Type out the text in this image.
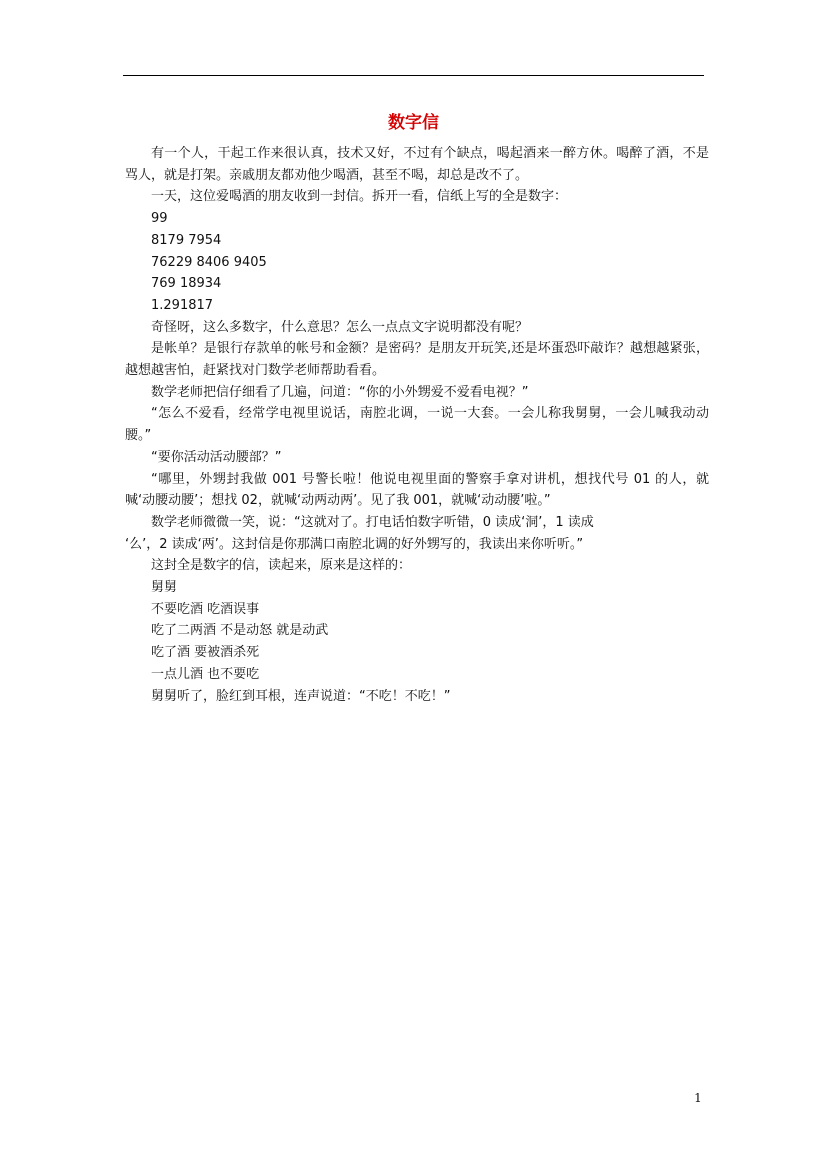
数字信

有一个人，干起工作来很认真，技术又好，不过有个缺点，喝起酒来一醉方休。喝醉了酒，不是骂人，就是打架。亲戚朋友都劝他少喝酒，甚至不喝，却总是改不了。

一天，这位爱喝酒的朋友收到一封信。拆开一看，信纸上写的全是数字：

99

8179 7954

76229 8406 9405

769 18934

1.291817

奇怪呀，这么多数字，什么意思？怎么一点点文字说明都没有呢？

是帐单？是银行存款单的帐号和金额？是密码？是朋友开玩笑,还是坏蛋恐吓敲诈？越想越紧张，越想越害怕，赶紧找对门数学老师帮助看看。

数学老师把信仔细看了几遍，问道：“你的小外甥爱不爱看电视？”

“怎么不爱看，经常学电视里说话，南腔北调，一说一大套。一会儿称我舅舅，一会儿喊我动动腰。”

“要你活动活动腰部？”

“哪里，外甥封我做 001 号警长啦！他说电视里面的警察手拿对讲机，想找代号 01 的人，就喊‘动腰动腰’；想找 02，就喊‘动两动两’。见了我 001，就喊‘动动腰’啦。”

数学老师微微一笑，说：“这就对了。打电话怕数字听错，0 读成‘洞’，1 读成

‘么’，2 读成‘两’。这封信是你那满口南腔北调的好外甥写的，我读出来你听听。”

这封全是数字的信，读起来，原来是这样的：

舅舅

不要吃酒 吃酒误事

吃了二两酒 不是动怒 就是动武

吃了酒 要被酒杀死

一点儿酒 也不要吃

舅舅听了，脸红到耳根，连声说道：“不吃！不吃！”

1
